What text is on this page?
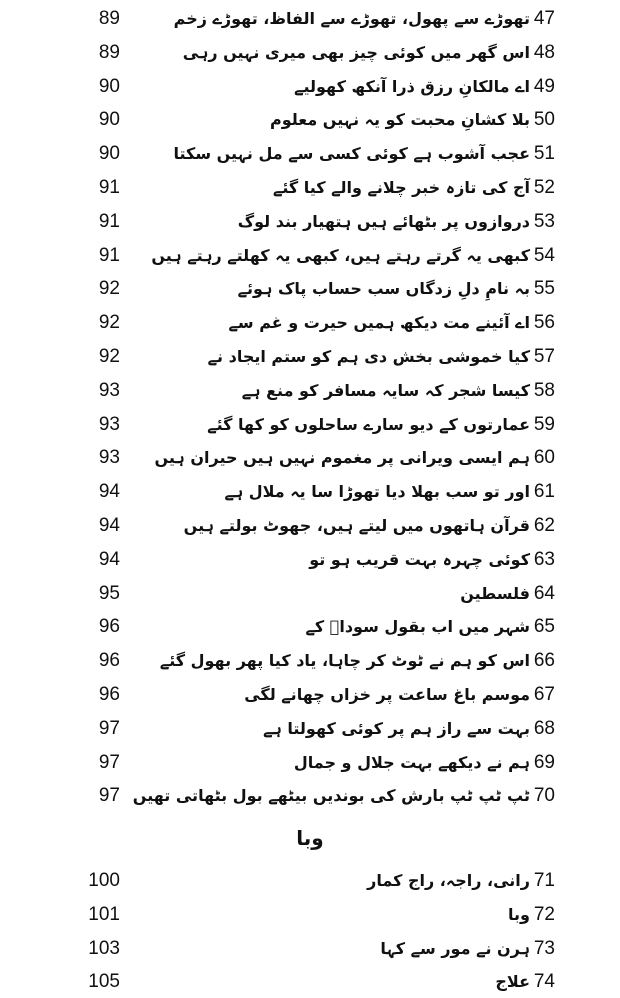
47
تھوڑے سے پھول، تھوڑے سے الفاظ، تھوڑے زخم
89
48
اس گھر میں کوئی چیز بھی میری نہیں رہی
89
49
اے مالکانِ رزق ذرا آنکھ کھولیے
90
50
بلا کشانِ محبت کو یہ نہیں معلوم
90
51
عجب آشوب ہے کوئی کسی سے مل نہیں سکتا
90
52
آج کی تازہ خبر چلانے والے کیا گئے
91
53
دروازوں پر بٹھائے ہیں ہتھیار بند لوگ
91
54
کبھی یہ گرتے رہتے ہیں، کبھی یہ کھلتے رہتے ہیں
91
55
بہ نامِ دلِ زدگاں سب حساب پاک ہوئے
92
56
اے آئینے مت دیکھ ہمیں حیرت و غم سے
92
57
کیا خموشی بخش دی ہم کو ستم ایجاد نے
92
58
کیسا شجر کہ سایہ مسافر کو منع ہے
93
59
عمارتوں کے دیو سارے ساحلوں کو کھا گئے
93
60
ہم ایسی ویرانی پر مغموم نہیں ہیں حیران ہیں
93
61
اور تو سب بھلا دیا تھوڑا سا یہ ملال ہے
94
62
قرآن ہاتھوں میں لیتے ہیں، جھوٹ بولتے ہیں
94
63
کوئی چہرہ بہت قریب ہو تو
94
64
فلسطین
95
65
شہر میں اب بقول سوداؔ کے
96
66
اس کو ہم نے ٹوٹ کر چاہا، یاد کیا پھر بھول گئے
96
67
موسم باغ ساعت پر خزاں چھانے لگی
96
68
بہت سے راز ہم پر کوئی کھولتا ہے
97
69
ہم نے دیکھے بہت جلال و جمال
97
70
ٹپ ٹپ ٹپ بارش کی بوندیں بیٹھے بول بٹھاتی تھیں
97
وبا
71
رانی، راجہ، راج کمار
100
72
وبا
101
73
ہرن نے مور سے کہا
103
74
علاج
105
